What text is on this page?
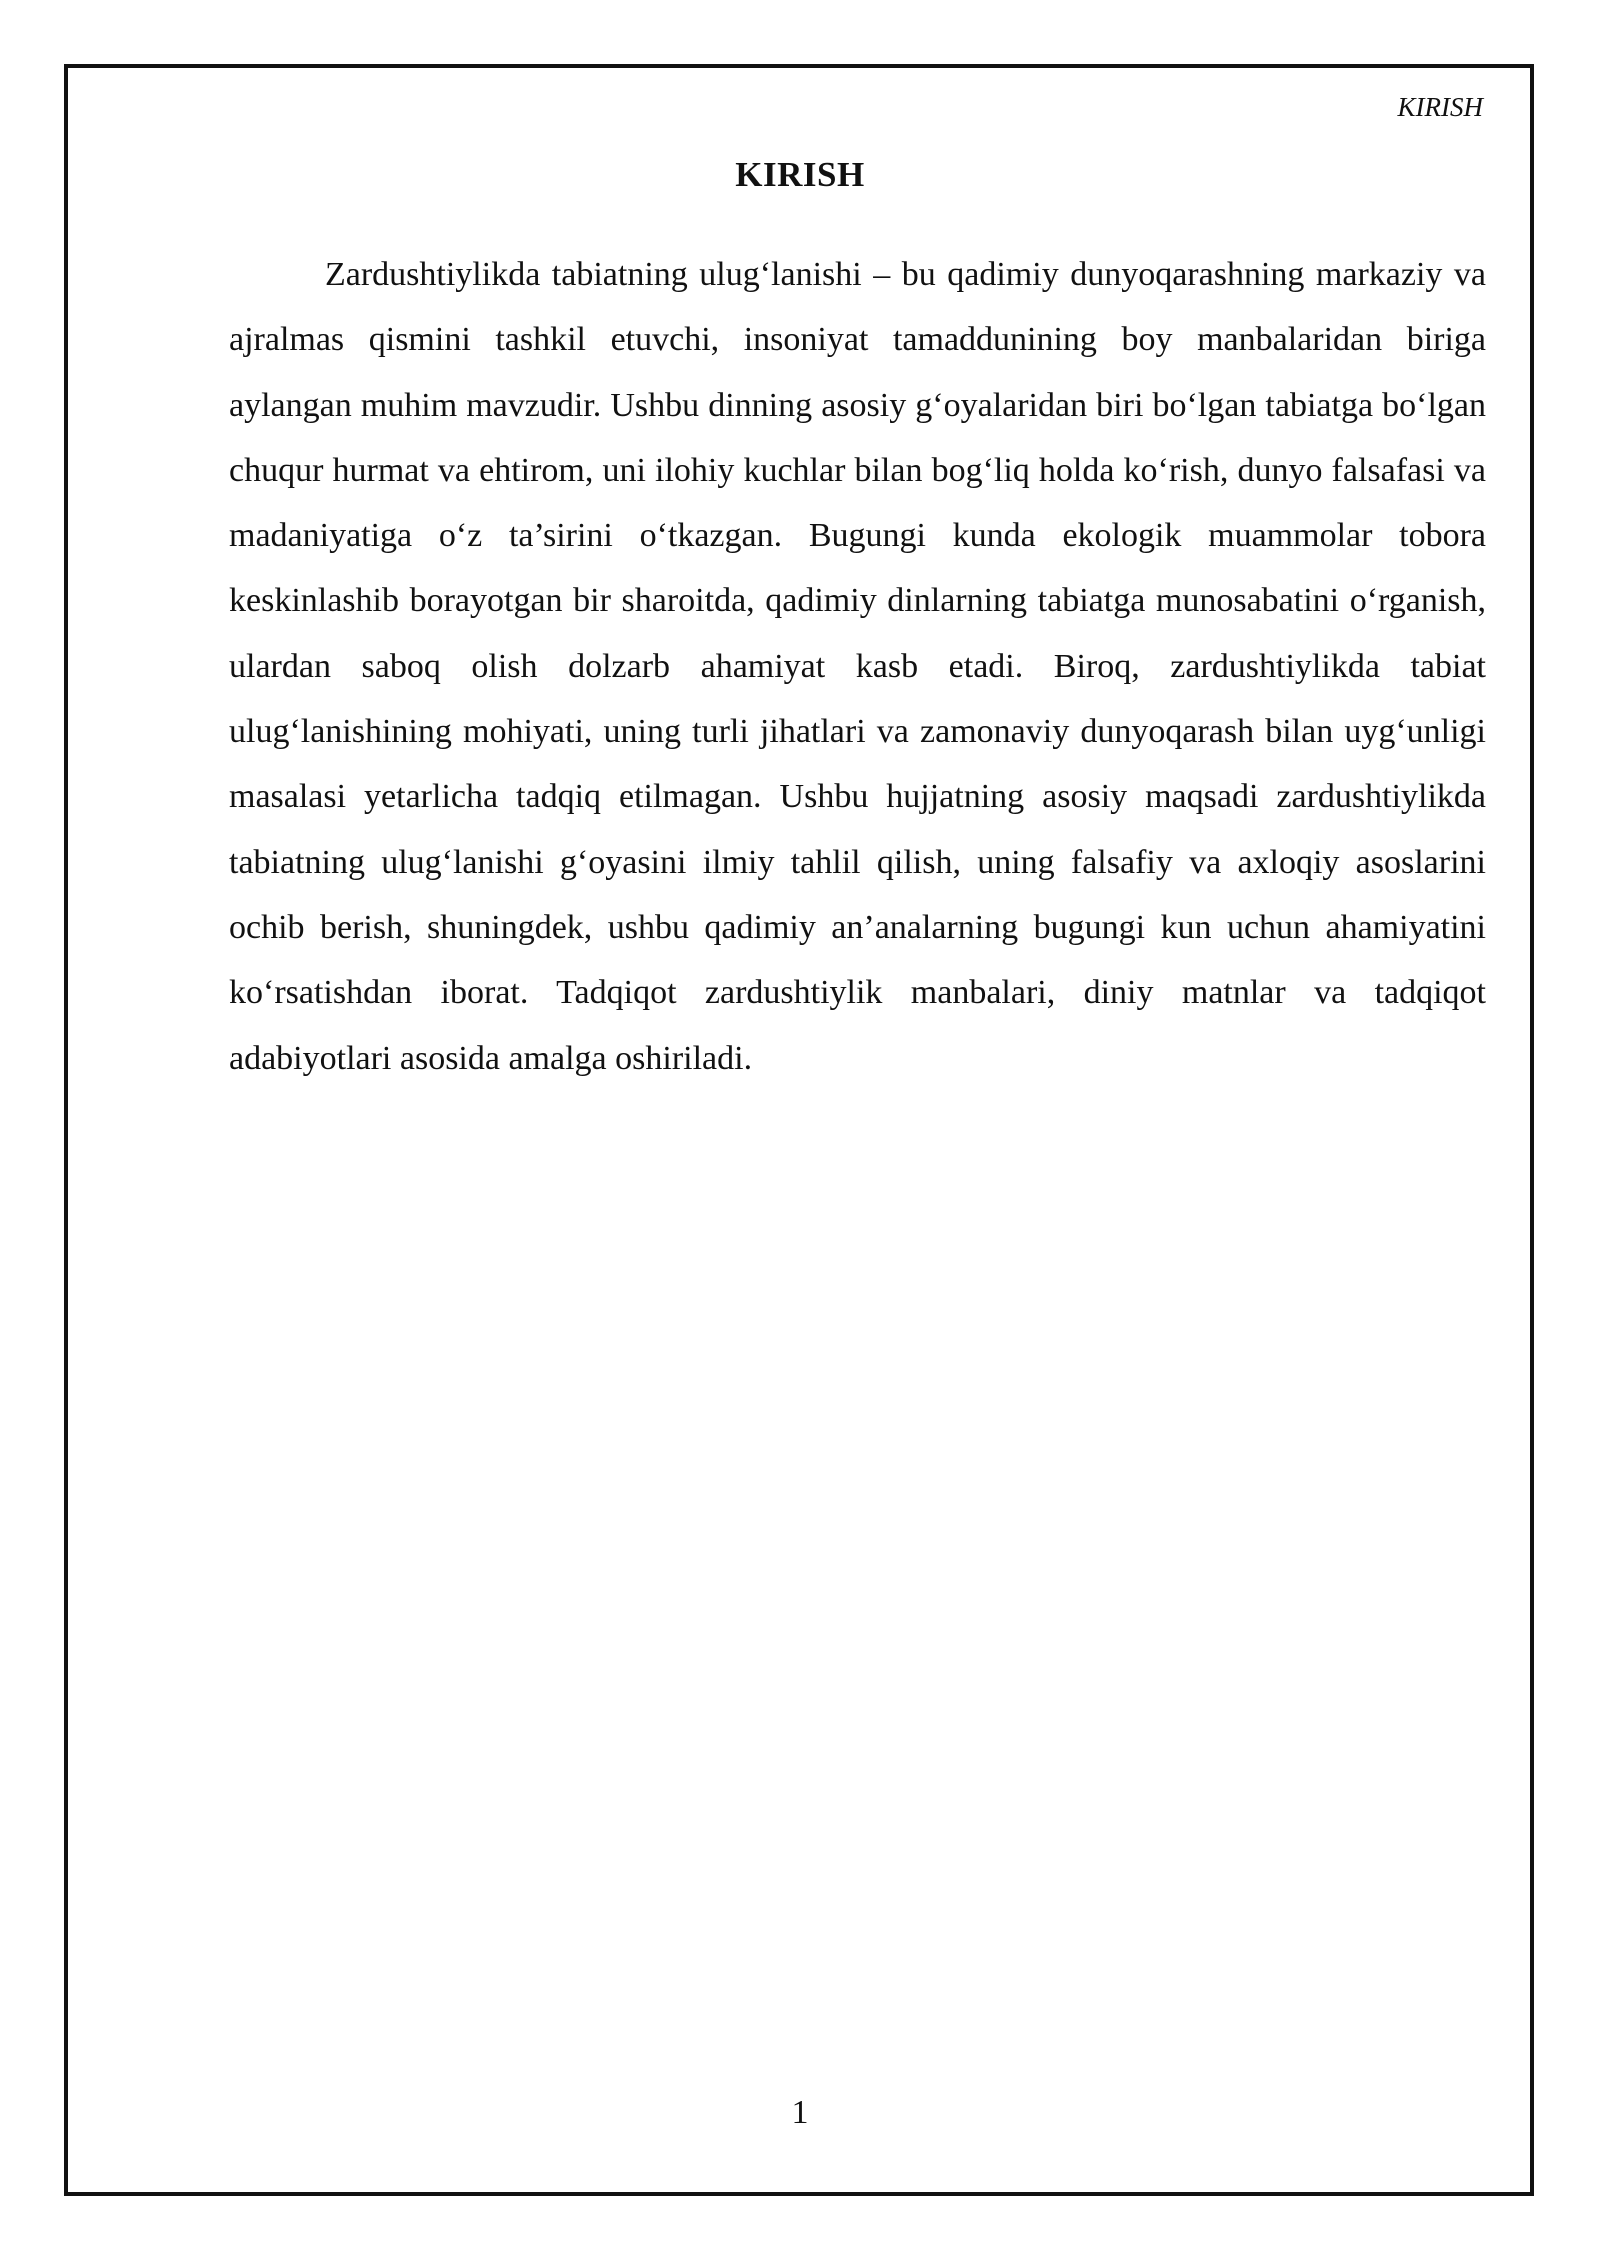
KIRISH
KIRISH

Zardushtiylikda tabiatning ulug‘lanishi – bu qadimiy dunyoqarashning markaziy va ajralmas qismini tashkil etuvchi, insoniyat tamaddunining boy manbalaridan biriga aylangan muhim mavzudir. Ushbu dinning asosiy g‘oyalaridan biri bo‘lgan tabiatga bo‘lgan chuqur hurmat va ehtirom, uni ilohiy kuchlar bilan bog‘liq holda ko‘rish, dunyo falsafasi va madaniyatiga o‘z ta’sirini o‘tkazgan. Bugungi kunda ekologik muammolar tobora keskinlashib borayotgan bir sharoitda, qadimiy dinlarning tabiatga munosabatini o‘rganish, ulardan saboq olish dolzarb ahamiyat kasb etadi. Biroq, zardushtiylikda tabiat ulug‘lanishining mohiyati, uning turli jihatlari va zamonaviy dunyoqarash bilan uyg‘unligi masalasi yetarlicha tadqiq etilmagan. Ushbu hujjatning asosiy maqsadi zardushtiylikda tabiatning ulug‘lanishi g‘oyasini ilmiy tahlil qilish, uning falsafiy va axloqiy asoslarini ochib berish, shuningdek, ushbu qadimiy an’analarning bugungi kun uchun ahamiyatini ko‘rsatishdan iborat. Tadqiqot zardushtiylik manbalari, diniy matnlar va tadqiqot adabiyotlari asosida amalga oshiriladi.

1
